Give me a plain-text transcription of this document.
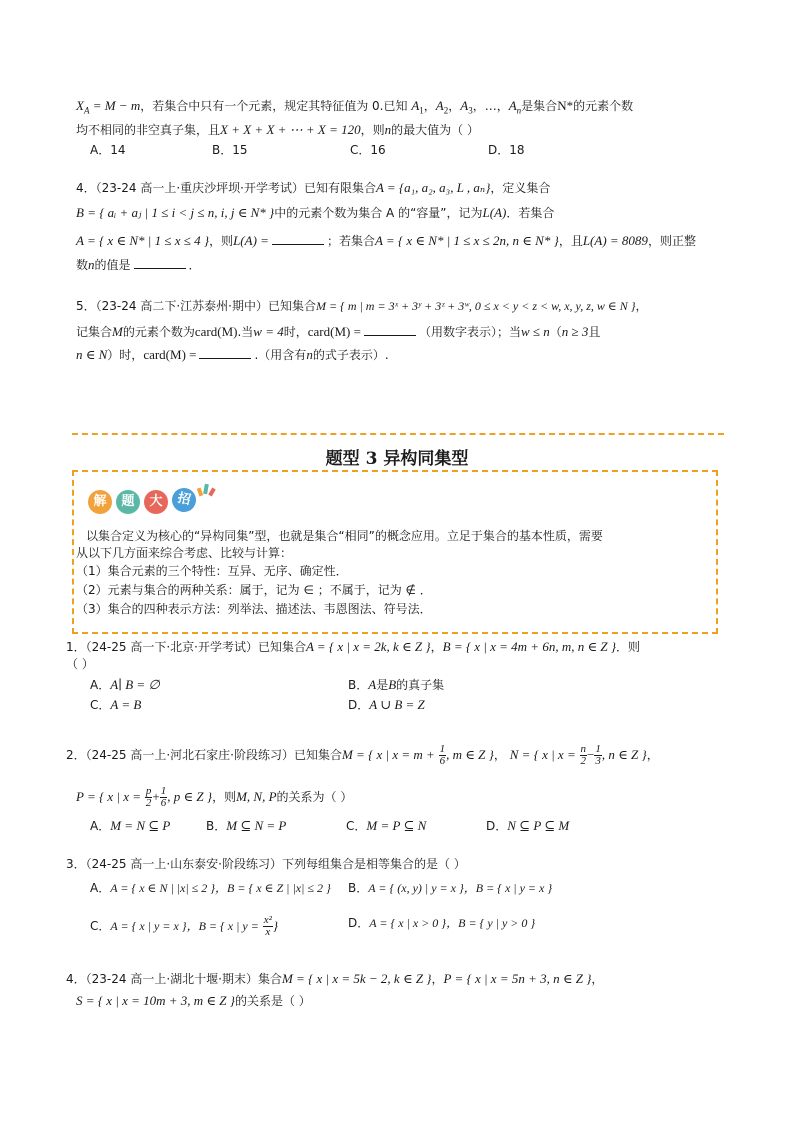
$X_A = M - m$，若集合中只有一个元素，规定其特征值为 0.已知 $A_1$，$A_2$，$A_3$，…，$A_n$是集合N*的元素个数
均不相同的非空真子集，且X + X + X + ⋯ + X = 120，则n的最大值为（ ）
A．14	B．15	C．16	D．18
4．（23-24 高一上·重庆沙坪坝·开学考试）已知有限集合A = {a₁, a₂, a₃, L , aₙ}，定义集合
B = { aᵢ + aⱼ | 1 ≤ i < j ≤ n, i, j ∈ N* }中的元素个数为集合 A 的“容量”，记为L(A)．若集合
A = { x ∈ N* | 1 ≤ x ≤ 4 }，则L(A) =	；若集合A = { x ∈ N* | 1 ≤ x ≤ 2n, n ∈ N* }，且L(A) = 8089，则正整
数n的值是	．
5．（23-24 高二下·江苏泰州·期中）已知集合M = { m | m = 3ˣ + 3ʸ + 3ᶻ + 3ʷ, 0 ≤ x < y < z < w, x, y, z, w ∈ N }，
记集合M的元素个数为card(M).当w = 4时，card(M) =	（用数字表示）；当w ≤ n（n ≥ 3且
n ∈ N）时，card(M) =	.（用含有n的式子表示）.
题型 3 异构同集型
解	题	大	招
以集合定义为核心的“异构同集”型，也就是集合“相同”的概念应用。立足于集合的基本性质，需要
从以下几方面来综合考虑、比较与计算：
（1）集合元素的三个特性：互异、无序、确定性．
（2）元素与集合的两种关系：属于，记为 ∈ ；不属于，记为 ∉ ．
（3）集合的四种表示方法：列举法、描述法、韦恩图法、符号法．
1．（24-25 高一下·北京·开学考试）已知集合A = { x | x = 2k, k ∈ Z }，B = { x | x = 4m + 6n, m, n ∈ Z }．则
（ ）
A．A∣ B = ∅	B．A是B的真子集
C．A = B	D．A ∪ B = Z
2．（24-25 高一上·河北石家庄·阶段练习）已知集合M = { x | $x = m + \frac{1}{6}$ , m ∈ Z }， N = { x | $x = \frac{n}{2} - \frac{1}{3}$ , n ∈ Z }，
P = { x | $x = \frac{p}{2} + \frac{1}{6}$ , p ∈ Z }，则M, N, P的关系为（ ）
A．M = N ⊆ P	B．M ⊆ N = P	C．M = P ⊆ N	D．N ⊆ P ⊆ M
3．（24-25 高一上·山东泰安·阶段练习）下列每组集合是相等集合的是（ ）
A．A = { x ∈ N | |x| ≤ 2 }，B = { x ∈ Z | |x| ≤ 2 } B．A = { (x, y) | y = x }，B = { x | y = x }
C．A = { x | y = x }，B = { x | $y = \frac{\text{x²}}{x}$ }	D．A = { x | x > 0 }，B = { y | y > 0 }
4．（23-24 高一上·湖北十堰·期末）集合M = { x | x = 5k − 2, k ∈ Z }，P = { x | x = 5n + 3, n ∈ Z }，
S = { x | x = 10m + 3, m ∈ Z }的关系是（ ）
